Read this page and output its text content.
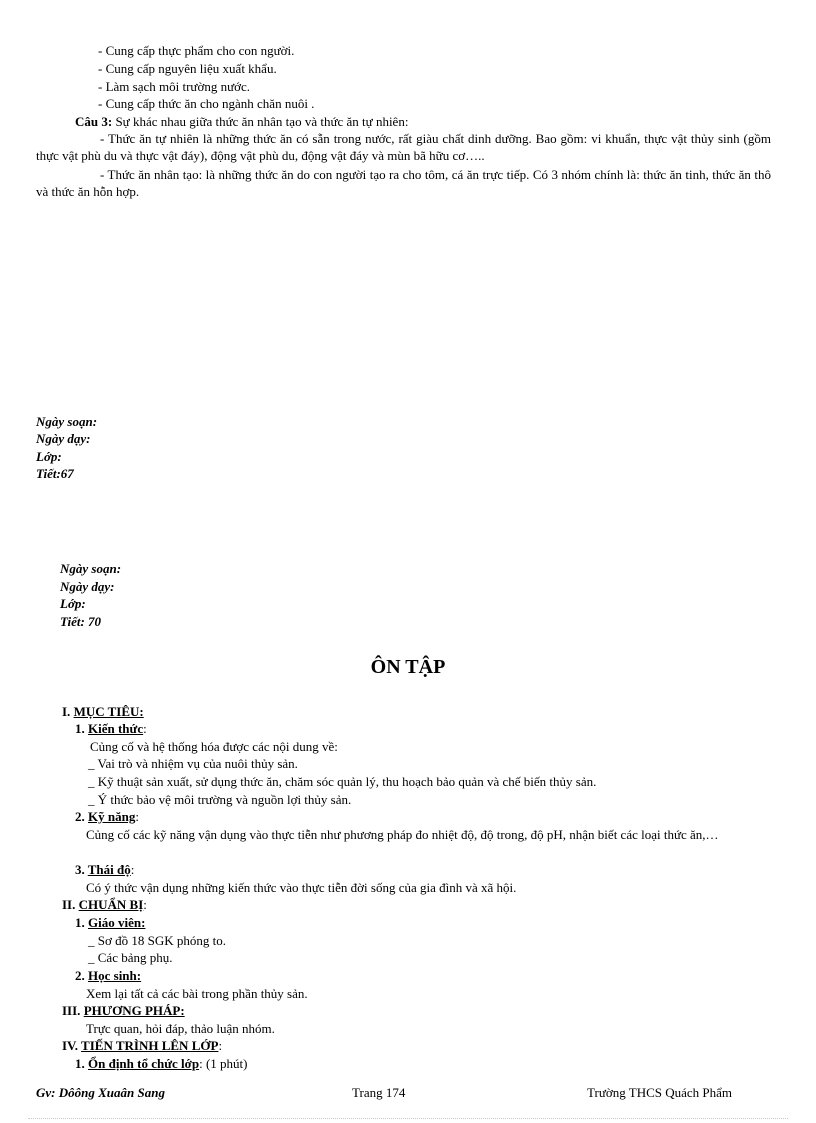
- Cung cấp thực phẩm cho con người.
- Cung cấp nguyên liệu xuất khẩu.
- Làm sạch môi trường nước.
- Cung cấp thức ăn cho ngành chăn nuôi .
Câu 3: Sự khác nhau giữa thức ăn nhân tạo và thức ăn tự nhiên:
- Thức ăn tự nhiên là những thức ăn có sẵn trong nước, rất giàu chất dinh dưỡng. Bao gồm: vi khuẩn, thực vật thủy sinh (gồm thực vật phù du và thực vật đáy), động vật phù du, động vật đáy và mùn bã hữu cơ…..
- Thức ăn nhân tạo: là những thức ăn do con người tạo ra cho tôm, cá ăn trực tiếp. Có 3 nhóm chính là: thức ăn tinh, thức ăn thô và thức ăn hỗn hợp.
Ngày soạn:
Ngày dạy:
Lớp:
Tiết:67
Ngày soạn:
Ngày dạy:
Lớp:
Tiết: 70
ÔN TẬP
I. MỤC TIÊU:
1. Kiến thức:
Củng cố và hệ thống hóa được các nội dung về:
_ Vai trò và nhiệm vụ của nuôi thủy sản.
_ Kỹ thuật sản xuất, sử dụng thức ăn, chăm sóc quản lý, thu hoạch bảo quản và chế biến thủy sản.
_ Ý thức bảo vệ môi trường và nguồn lợi thủy sản.
2. Kỹ năng:
Củng cố các kỹ năng vận dụng vào thực tiễn như phương pháp đo nhiệt độ, độ trong, độ pH, nhận biết các loại thức ăn,…
3. Thái độ:
Có ý thức vận dụng những kiến thức vào thực tiễn đời sống của gia đình và xã hội.
II. CHUẨN BỊ:
1. Giáo viên:
_ Sơ đồ 18 SGK phóng to.
_ Các bảng phụ.
2. Học sinh:
Xem lại tất cả các bài trong phần thủy sản.
III. PHƯƠNG PHÁP:
Trực quan, hỏi đáp, thảo luận nhóm.
IV. TIẾN TRÌNH LÊN LỚP:
1. Ổn định tổ chức lớp: (1 phút)
Gv: Dôông Xuaân Sang	Trang 174	Trường THCS Quách Phẩm
